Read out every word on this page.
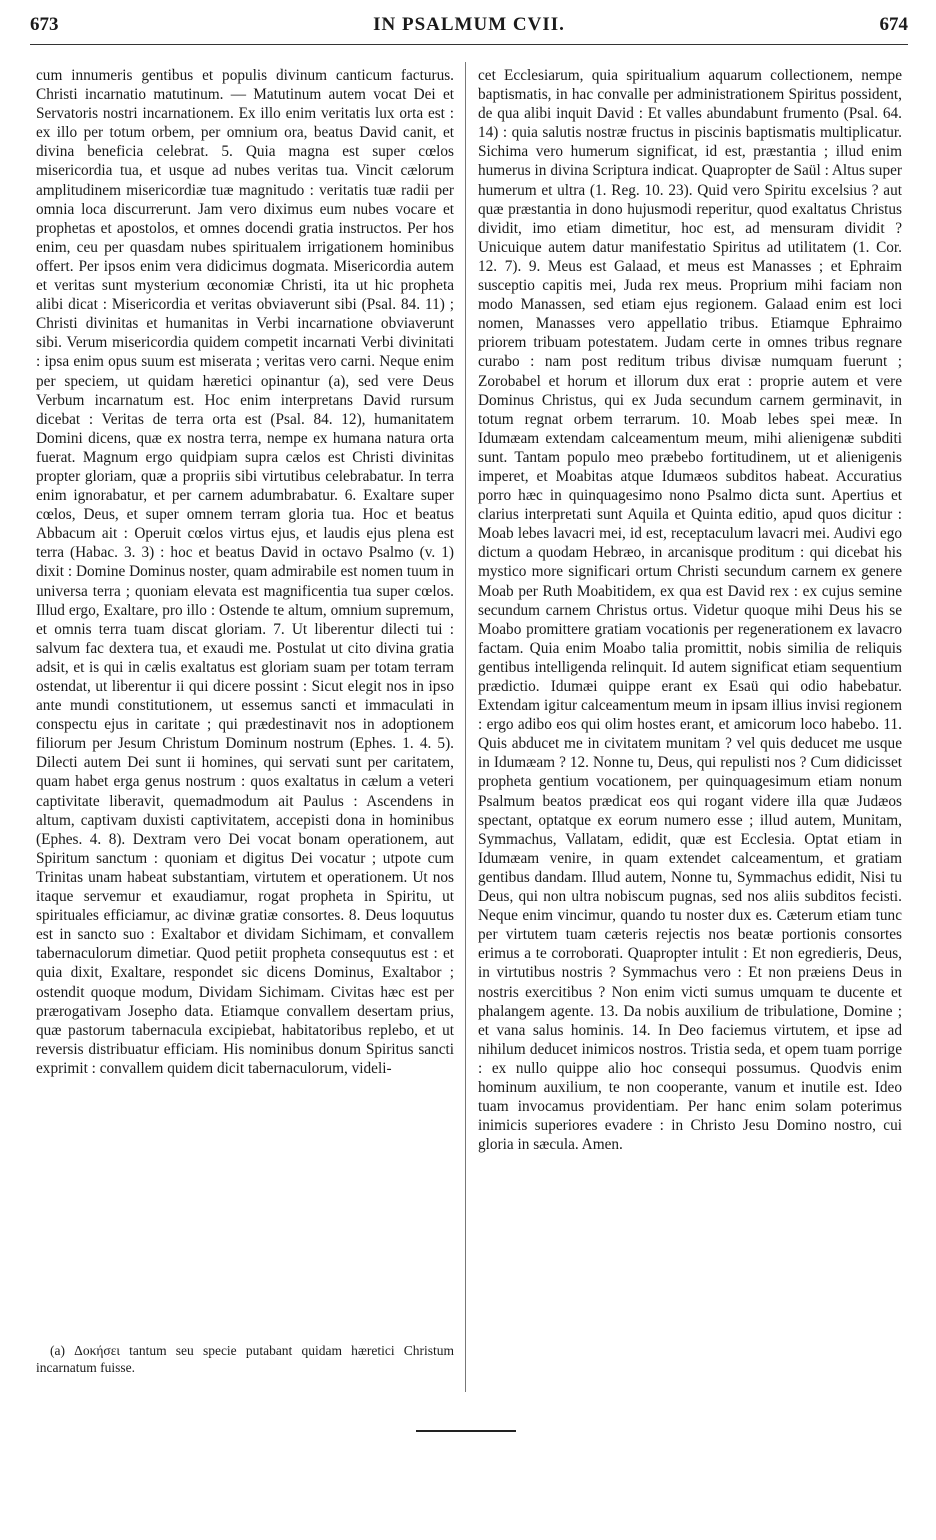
673	IN PSALMUM CVII.	674

cum innumeris gentibus et populis divinum canticum facturus. Christi incarnatio matutinum. — Matutinum autem vocat Dei et Servatoris nostri incarnationem. Ex illo enim veritatis lux orta est : ex illo per totum orbem, per omnium ora, beatus David canit, et divina beneficia celebrat. 5. Quia magna est super cœlos misericordia tua, et usque ad nubes veritas tua. Vincit cælorum amplitudinem misericordiæ tuæ magnitudo : veritatis tuæ radii per omnia loca discurrerunt. Jam vero diximus eum nubes vocare et prophetas et apostolos, et omnes docendi gratia instructos. Per hos enim, ceu per quasdam nubes spiritualem irrigationem hominibus offert. Per ipsos enim vera didicimus dogmata. Misericordia autem et veritas sunt mysterium œconomiæ Christi, ita ut hic propheta alibi dicat : Misericordia et veritas obviaverunt sibi (Psal. 84. 11) ; Christi divinitas et humanitas in Verbi incarnatione obviaverunt sibi. Verum misericordia quidem competit incarnati Verbi divinitati : ipsa enim opus suum est miserata ; veritas vero carni. Neque enim per speciem, ut quidam hæretici opinantur (a), sed vere Deus Verbum incarnatum est. Hoc enim interpretans David rursum dicebat : Veritas de terra orta est (Psal. 84. 12), humanitatem Domini dicens, quæ ex nostra terra, nempe ex humana natura orta fuerat. Magnum ergo quidpiam supra cælos est Christi divinitas propter gloriam, quæ a propriis sibi virtutibus celebrabatur. In terra enim ignorabatur, et per carnem adumbrabatur. 6. Exaltare super cœlos, Deus, et super omnem terram gloria tua. Hoc et beatus Abbacum ait : Operuit cœlos virtus ejus, et laudis ejus plena est terra (Habac. 3. 3) : hoc et beatus David in octavo Psalmo (v. 1) dixit : Domine Dominus noster, quam admirabile est nomen tuum in universa terra ; quoniam elevata est magnificentia tua super cœlos. Illud ergo, Exaltare, pro illo : Ostende te altum, omnium supremum, et omnis terra tuam discat gloriam. 7. Ut liberentur dilecti tui : salvum fac dextera tua, et exaudi me. Postulat ut cito divina gratia adsit, et is qui in cælis exaltatus est gloriam suam per totam terram ostendat, ut liberentur ii qui dicere possint : Sicut elegit nos in ipso ante mundi constitutionem, ut essemus sancti et immaculati in conspectu ejus in caritate ; qui prædestinavit nos in adoptionem filiorum per Jesum Christum Dominum nostrum (Ephes. 1. 4. 5). Dilecti autem Dei sunt ii homines, qui servati sunt per caritatem, quam habet erga genus nostrum : quos exaltatus in cælum a veteri captivitate liberavit, quemadmodum ait Paulus : Ascendens in altum, captivam duxisti captivitatem, accepisti dona in hominibus (Ephes. 4. 8). Dextram vero Dei vocat bonam operationem, aut Spiritum sanctum : quoniam et digitus Dei vocatur ; utpote cum Trinitas unam habeat substantiam, virtutem et operationem. Ut nos itaque servemur et exaudiamur, rogat propheta in Spiritu, ut spirituales efficiamur, ac divinæ gratiæ consortes. 8. Deus loquutus est in sancto suo : Exaltabor et dividam Sichimam, et convallem tabernaculorum dimetiar. Quod petiit propheta consequutus est : et quia dixit, Exaltare, respondet sic dicens Dominus, Exaltabor ; ostendit quoque modum, Dividam Sichimam. Civitas hæc est per prærogativam Josepho data. Etiamque convallem desertam prius, quæ pastorum tabernacula excipiebat, habitatoribus replebo, et ut reversis distribuatur efficiam. His nominibus donum Spiritus sancti exprimit : convallem quidem dicit tabernaculorum, videli-

cet Ecclesiarum, quia spiritualium aquarum collectionem, nempe baptismatis, in hac convalle per administrationem Spiritus possident, de qua alibi inquit David : Et valles abundabunt frumento (Psal. 64. 14) : quia salutis nostræ fructus in piscinis baptismatis multiplicatur. Sichima vero humerum significat, id est, præstantia ; illud enim humerus in divina Scriptura indicat. Quapropter de Saül : Altus super humerum et ultra (1. Reg. 10. 23). Quid vero Spiritu excelsius ? aut quæ præstantia in dono hujusmodi reperitur, quod exaltatus Christus dividit, imo etiam dimetitur, hoc est, ad mensuram dividit ? Unicuique autem datur manifestatio Spiritus ad utilitatem (1. Cor. 12. 7). 9. Meus est Galaad, et meus est Manasses ; et Ephraim susceptio capitis mei, Juda rex meus. Proprium mihi faciam non modo Manassen, sed etiam ejus regionem. Galaad enim est loci nomen, Manasses vero appellatio tribus. Etiamque Ephraimo priorem tribuam potestatem. Judam certe in omnes tribus regnare curabo : nam post reditum tribus divisæ numquam fuerunt ; Zorobabel et horum et illorum dux erat : proprie autem et vere Dominus Christus, qui ex Juda secundum carnem germinavit, in totum regnat orbem terrarum. 10. Moab lebes spei meæ. In Idumæam extendam calceamentum meum, mihi alienigenæ subditi sunt. Tantam populo meo præbebo fortitudinem, ut et alienigenis imperet, et Moabitas atque Idumæos subditos habeat. Accuratius porro hæc in quinquagesimo nono Psalmo dicta sunt. Apertius et clarius interpretati sunt Aquila et Quinta editio, apud quos dicitur : Moab lebes lavacri mei, id est, receptaculum lavacri mei. Audivi ego dictum a quodam Hebræo, in arcanisque proditum : qui dicebat his mystico more significari ortum Christi secundum carnem ex genere Moab per Ruth Moabitidem, ex qua est David rex : ex cujus semine secundum carnem Christus ortus. Videtur quoque mihi Deus his se Moabo promittere gratiam vocationis per regenerationem ex lavacro factam. Quia enim Moabo talia promittit, nobis similia de reliquis gentibus intelligenda relinquit. Id autem significat etiam sequentium prædictio. Idumæi quippe erant ex Esaü qui odio habebatur. Extendam igitur calceamentum meum in ipsam illius invisi regionem : ergo adibo eos qui olim hostes erant, et amicorum loco habebo. 11. Quis abducet me in civitatem munitam ? vel quis deducet me usque in Idumæam ? 12. Nonne tu, Deus, qui repulisti nos ? Cum didicisset propheta gentium vocationem, per quinquagesimum etiam nonum Psalmum beatos prædicat eos qui rogant videre illa quæ Judæos spectant, optatque ex eorum numero esse ; illud autem, Munitam, Symmachus, Vallatam, edidit, quæ est Ecclesia. Optat etiam in Idumæam venire, in quam extendet calceamentum, et gratiam gentibus dandam. Illud autem, Nonne tu, Symmachus edidit, Nisi tu Deus, qui non ultra nobiscum pugnas, sed nos aliis subditos fecisti. Neque enim vincimur, quando tu noster dux es. Cæterum etiam tunc per virtutem tuam cæteris rejectis nos beatæ portionis consortes erimus a te corroborati. Quapropter intulit : Et non egredieris, Deus, in virtutibus nostris ? Symmachus vero : Et non præiens Deus in nostris exercitibus ? Non enim victi sumus umquam te ducente et phalangem agente. 13. Da nobis auxilium de tribulatione, Domine ; et vana salus hominis. 14. In Deo faciemus virtutem, et ipse ad nihilum deducet inimicos nostros. Tristia seda, et opem tuam porrige : ex nullo quippe alio hoc consequi possumus. Quodvis enim hominum auxilium, te non cooperante, vanum et inutile est. Ideo tuam invocamus providentiam. Per hanc enim solam poterimus inimicis superiores evadere : in Christo Jesu Domino nostro, cui gloria in sæcula. Amen.

(a) Δοκήσει tantum seu specie putabant quidam hæretici Christum incarnatum fuisse.
